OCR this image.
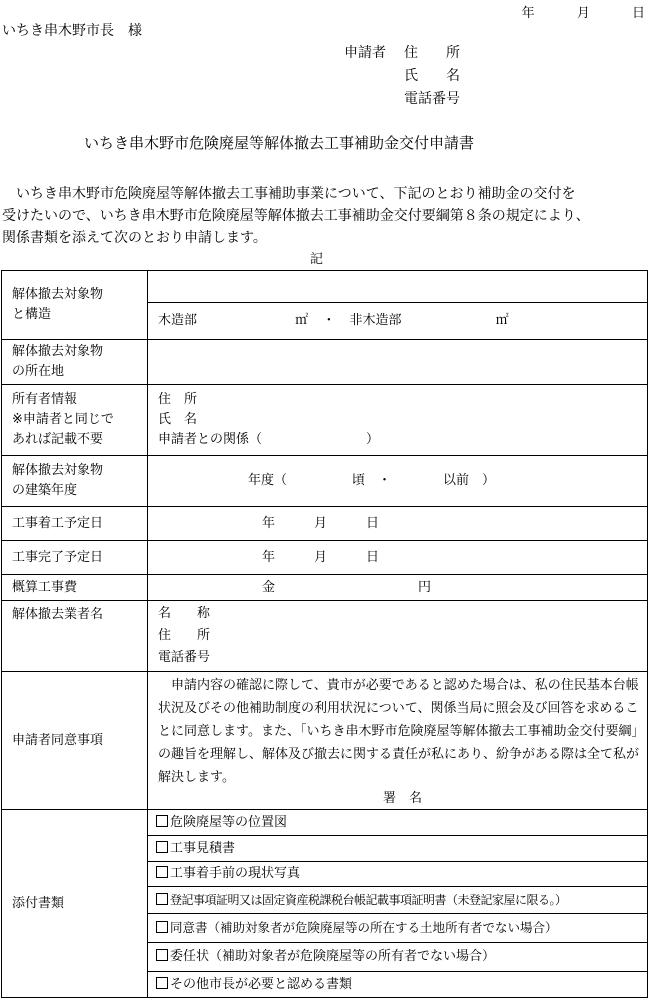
年	月	日
いちき串木野市長　様
申請者 住　　所
氏　　名
電話番号
いちき串木野市危険廃屋等解体撤去工事補助金交付申請書

　いちき串木野市危険廃屋等解体撤去工事補助事業について、下記のとおり補助金の交付を

受けたいので、いちき串木野市危険廃屋等解体撤去工事補助金交付要綱第８条の規定により、

関係書類を添えて次のとおり申請します。

記
解体撤去対象物
と構造	

	木造部 ㎡ ・ 非木造部 ㎡

解体撤去対象物
の所在地	

所有者情報
※申請者と同じで
あれば記載不要	住　所
氏　名
申請者との関係（　　　　　　　　）

解体撤去対象物
の建築年度	年度（　　　　　頃　・　　　　以前　）
工事着工予定日	年　　　月　　　日
工事完了予定日	年　　　月　　　日
概算工事費	金　　　　　　　　　　　円
解体撤去業者名	名　　称
住　　所
電話番号

申請者同意事項	申請内容の確認に際して、貴市が必要であると認めた場合は、私の住民基本台帳状況及びその他補助制度の利用状況について、関係当局に照会及び回答を求めることに同意します。また、「いちき串木野市危険廃屋等解体撤去工事補助金交付要綱」の趣旨を理解し、解体及び撤去に関する責任が私にあり、紛争がある際は全て私が解決します。
署　名

添付書類	危険廃屋等の位置図
	工事見積書
	工事着手前の現状写真
	登記事項証明又は固定資産税課税台帳記載事項証明書（未登記家屋に限る。）
	同意書（補助対象者が危険廃屋等の所在する土地所有者でない場合）
	委任状（補助対象者が危険廃屋等の所有者でない場合）
	その他市長が必要と認める書類
